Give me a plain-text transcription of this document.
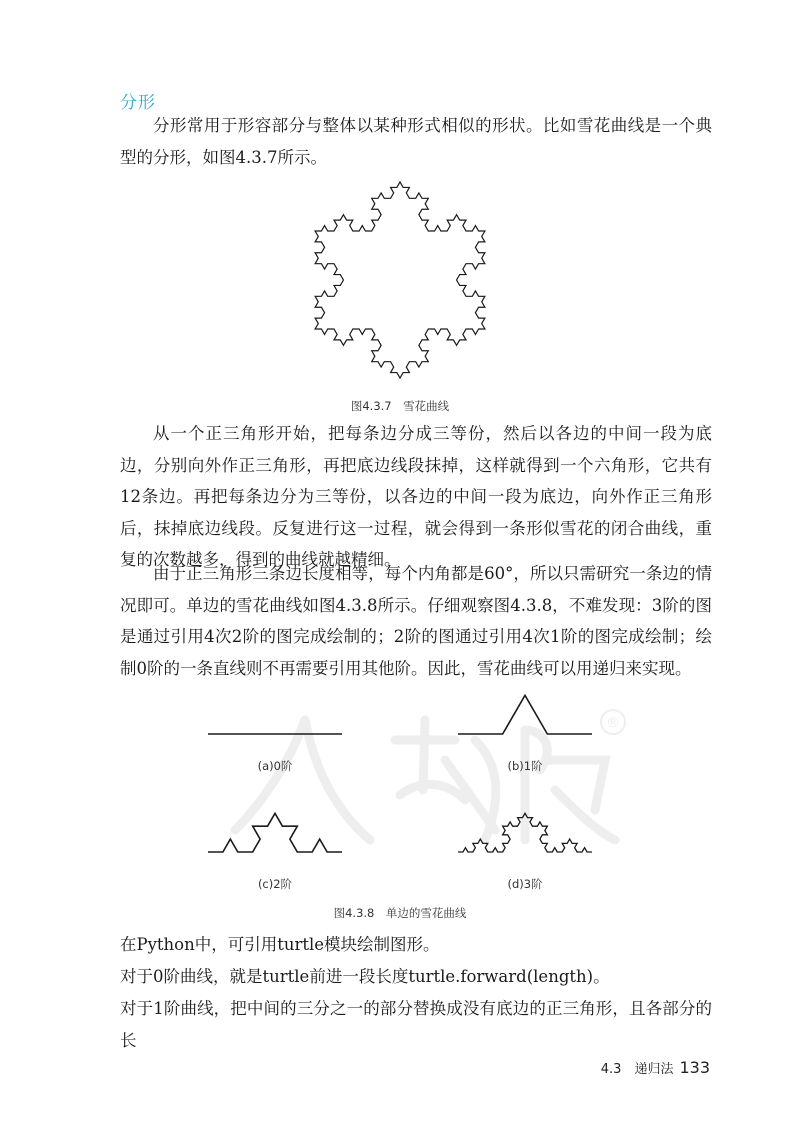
分形

分形常用于形容部分与整体以某种形式相似的形状。比如雪花曲线是一个典型的分形，如图4.3.7所示。

图4.3.7　雪花曲线

从一个正三角形开始，把每条边分成三等份，然后以各边的中间一段为底边，分别向外作正三角形，再把底边线段抹掉，这样就得到一个六角形，它共有12条边。再把每条边分为三等份，以各边的中间一段为底边，向外作正三角形后，抹掉底边线段。反复进行这一过程，就会得到一条形似雪花的闭合曲线，重复的次数越多，得到的曲线就越精细。

由于正三角形三条边长度相等，每个内角都是60°，所以只需研究一条边的情况即可。单边的雪花曲线如图4.3.8所示。仔细观察图4.3.8，不难发现：3阶的图是通过引用4次2阶的图完成绘制的；2阶的图通过引用4次1阶的图完成绘制；绘制0阶的一条直线则不再需要引用其他阶。因此，雪花曲线可以用递归来实现。

®
(a)0阶	(b)1阶
(c)2阶	(d)3阶
图4.3.8　单边的雪花曲线

在Python中，可引用turtle模块绘制图形。

对于0阶曲线，就是turtle前进一段长度turtle.forward(length)。

对于1阶曲线，把中间的三分之一的部分替换成没有底边的正三角形，且各部分的长

4.3　递归法 133
